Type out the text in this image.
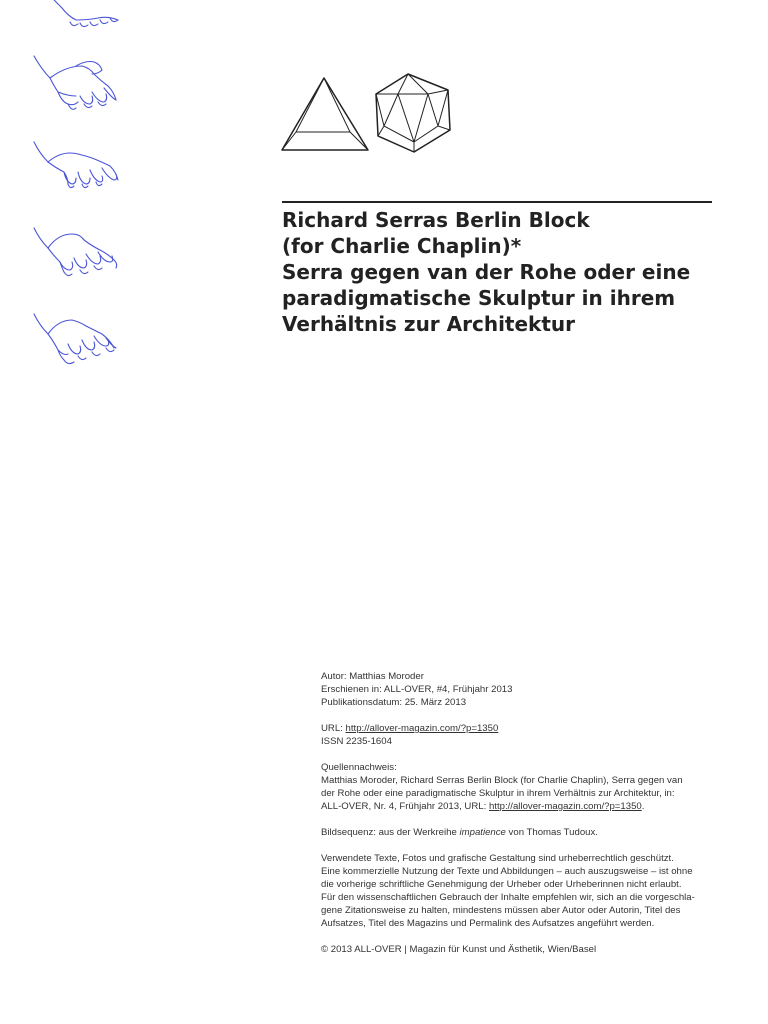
Richard Serras Berlin Block
(for Charlie Chaplin)*
Serra gegen van der Rohe oder eine
paradigmatische Skulptur in ihrem
Verhältnis zur Architektur

Autor: Matthias Moroder

Erschienen in: ALL-OVER, #4, Frühjahr 2013

Publikationsdatum: 25. März 2013

URL: http://allover-magazin.com/?p=1350

ISSN 2235-1604

Quellennachweis:

Matthias Moroder, Richard Serras Berlin Block (for Charlie Chaplin), Serra gegen van

der Rohe oder eine paradigmatische Skulptur in ihrem Verhältnis zur Architektur, in:

ALL-OVER, Nr. 4, Frühjahr 2013, URL: http://allover-magazin.com/?p=1350.

Bildsequenz: aus der Werkreihe impatience von Thomas Tudoux.

Verwendete Texte, Fotos und grafische Gestaltung sind urheberrechtlich geschützt.

Eine kommerzielle Nutzung der Texte und Abbildungen – auch auszugsweise – ist ohne

die vorherige schriftliche Genehmigung der Urheber oder Urheberinnen nicht erlaubt.

Für den wissenschaftlichen Gebrauch der Inhalte empfehlen wir, sich an die vorgeschla-

gene Zitationsweise zu halten, mindestens müssen aber Autor oder Autorin, Titel des

Aufsatzes, Titel des Magazins und Permalink des Aufsatzes angeführt werden.

© 2013 ALL-OVER | Magazin für Kunst und Ästhetik, Wien/Basel
